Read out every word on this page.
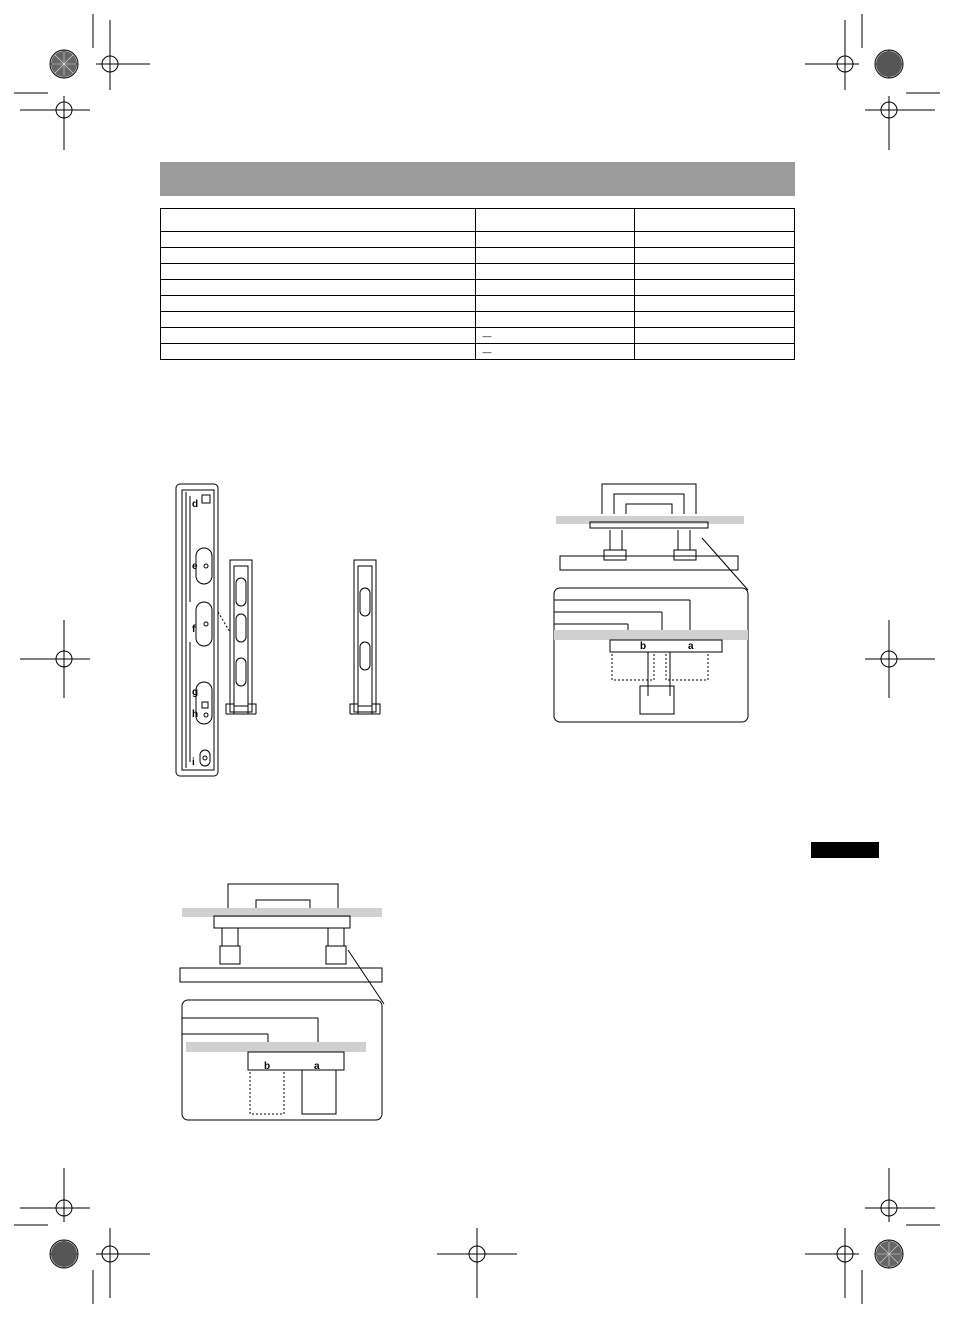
	—	
	—	
d
e
f
g
h
i
b	a
b	a
